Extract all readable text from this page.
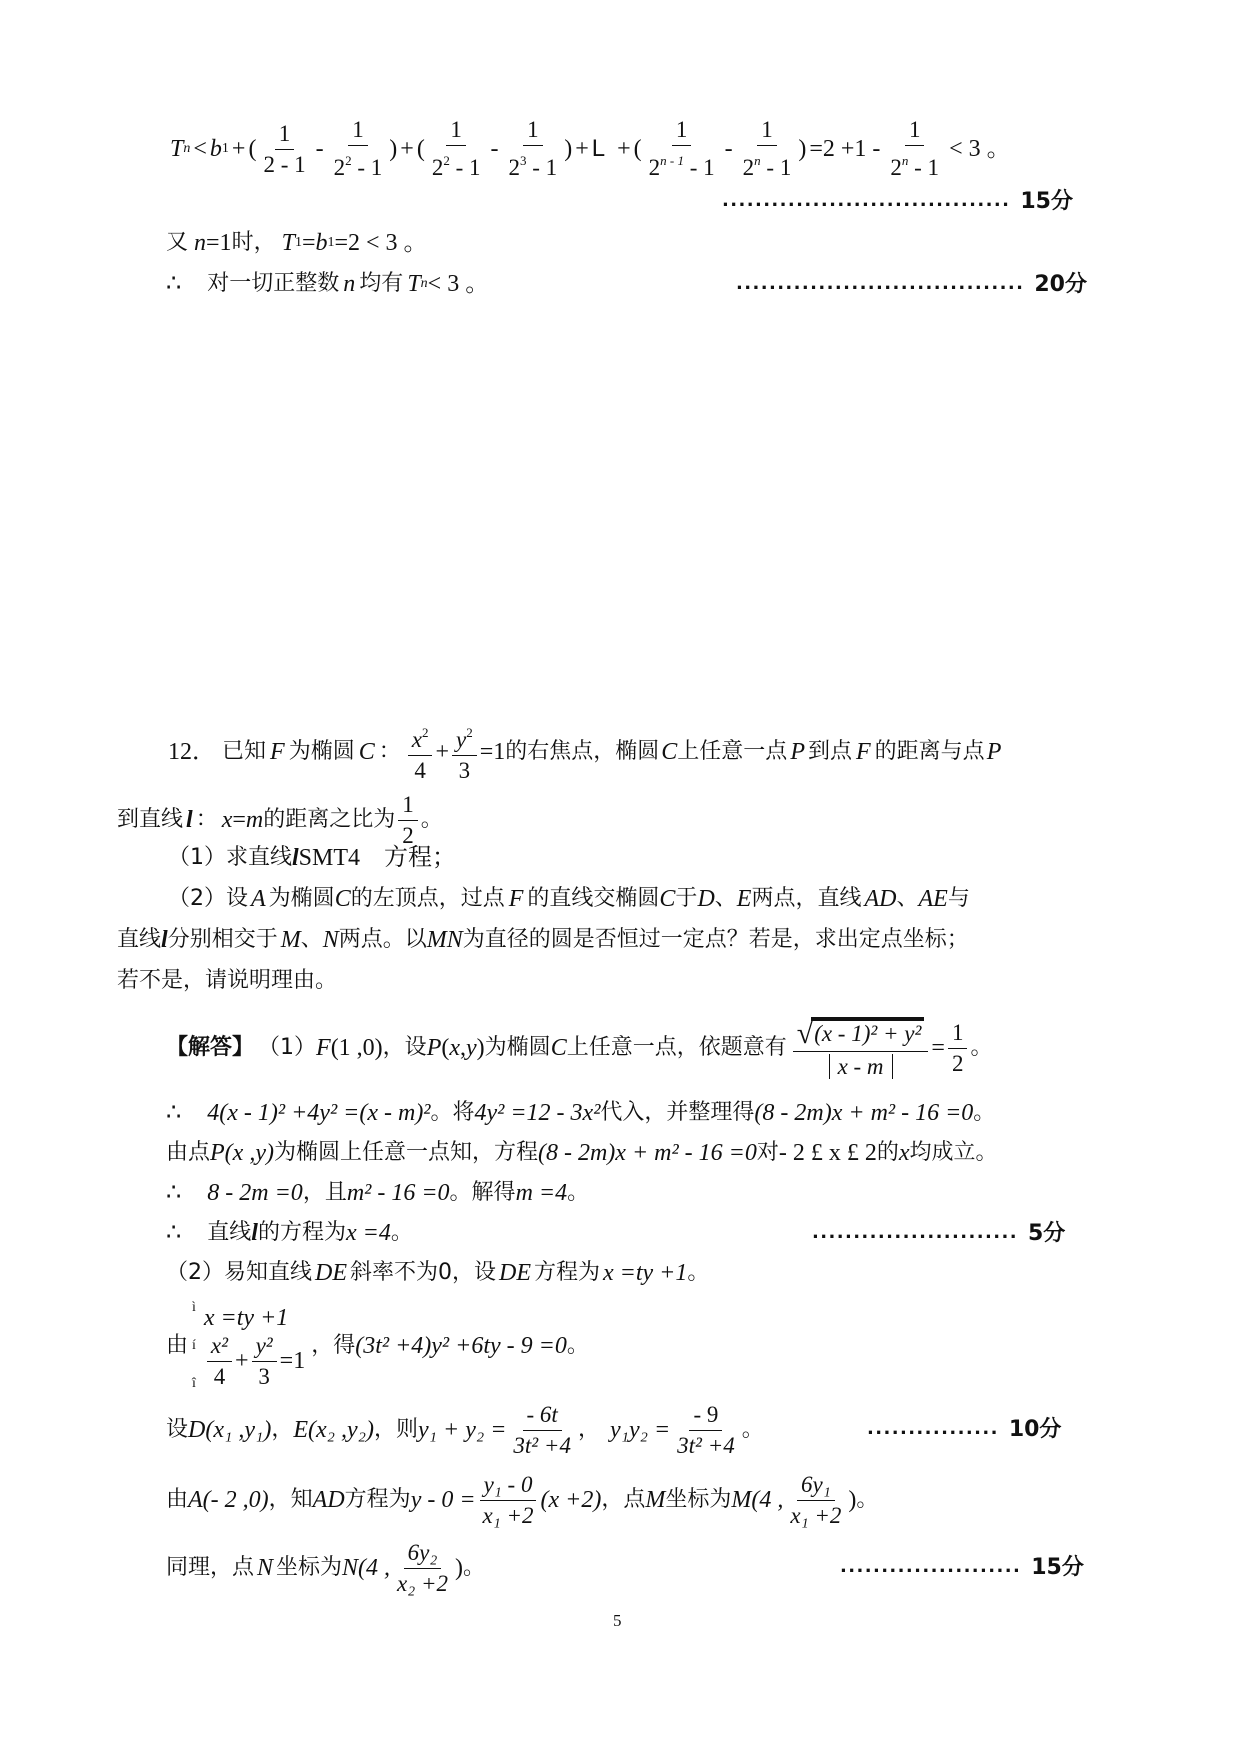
T n < b 1 + ( $\frac{1}{2 - 1} - \frac{1}{2^2 - 1}$ ) + ( $\frac{1}{2^2 - 1} - \frac{1}{2^3 - 1}$ ) + L + ( $\frac{1}{2^{n - 1} - 1} - \frac{1}{2^n - 1}$ ) $=2 +1 - \frac{1}{2^n - 1} < 3$ 。
................................... 15分
又 n =1 时， T 1 = b 1 =2 < 3 。
∴ 对一切正整数 n 均有 T n < 3 。	................................... 20分
12． 已知 F 为椭圆 C ： $\frac{x^2}{4} + \frac{y^2}{3} =1$ 的右焦点，椭圆 C 上任意一点 P 到点 F 的距离与点 P
到直线 l ： x = m 的距离之比为 $\frac{1}{2}$ 。
（1）求直线 l SMT4　方程；
（2）设 A 为椭圆 C 的左顶点，过点 F 的直线交椭圆 C 于 D 、 E 两点，直线 AD 、 AE 与
直线 l 分别相交于 M 、 N 两点。以 MN 为直径的圆是否恒过一定点？若是，求出定点坐标；
若不是，请说明理由。
【解答】 （1） F (1 ,0) ，设 P ( x , y ) 为椭圆 C 上任意一点，依题意有 $\frac{\text{√ (x - 1)² + y²}}{x - m} = \frac{1}{2}$ 。
∴ 4(x - 1)² +4y² =(x - m)² 。将 4y² =12 - 3x² 代入，并整理得 (8 - 2m)x + m² - 16 =0 。
由点 P(x ,y) 为椭圆上任意一点知，方程 (8 - 2m)x + m² - 16 =0 对 - 2 £ x £ 2 的 x 均成立。
∴ 8 - 2m =0 ，且 m² - 16 =0 。解得 m =4 。
∴ 直线 l 的方程为 x =4 。	......................... 5分
（2）易知直线 DE 斜率不为0，设 DE 方程为 x =ty +1 。
由
ì
í
î
x =ty +1
$\frac{\text{x²}}{4} + \frac{\text{y²}}{3} =1$
，得 (3t² +4)y² +6ty - 9 =0 。
设 D(x₁ ,y₁) ， E(x₂ ,y₂) ，则 $y_1 + y_2 = \frac{- 6t}{\text{3t² +4}}$ ， $y_1y_2 = \frac{- 9}{\text{3t² +4}}$ 。	................ 10分
由 A(- 2 ,0) ，知 AD 方程为 $y - 0 = \frac{\text{y₁ - 0}}{\text{x₁ +2}} (x +2)$ ，点 M 坐标为 M(4 , $\frac{\text{6y₁}}{\text{x₁ +2}}$ ) 。
同理，点 N 坐标为 N(4 , $\frac{\text{6y₂}}{\text{x₂ +2}}$ ) 。	...................... 15分
5
